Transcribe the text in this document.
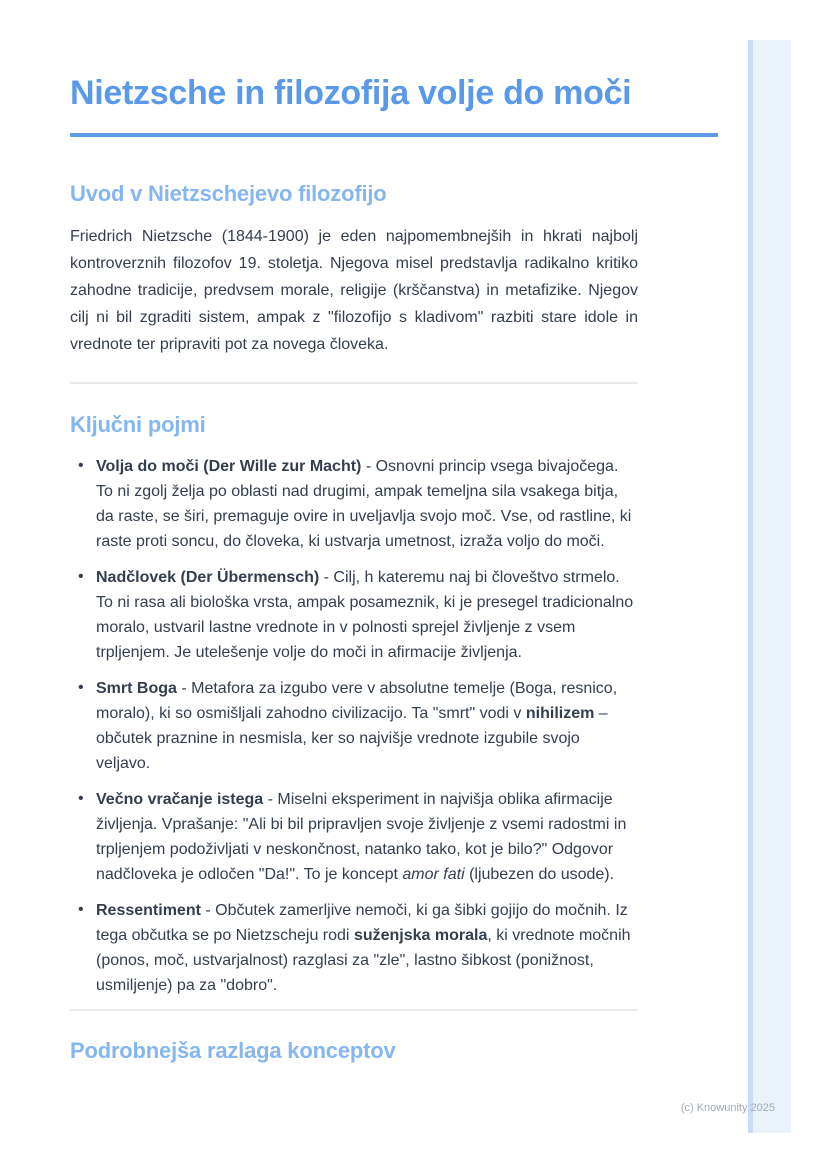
Nietzsche in filozofija volje do moči
Uvod v Nietzschejevo filozofijo

Friedrich Nietzsche (1844-1900) je eden najpomembnejših in hkrati najbolj kontroverznih filozofov 19. stoletja. Njegova misel predstavlja radikalno kritiko zahodne tradicije, predvsem morale, religije (krščanstva) in metafizike. Njegov cilj ni bil zgraditi sistem, ampak z "filozofijo s kladivom" razbiti stare idole in vrednote ter pripraviti pot za novega človeka.

Ključni pojmi
• Volja do moči (Der Wille zur Macht) - Osnovni princip vsega bivajočega. To ni zgolj želja po oblasti nad drugimi, ampak temeljna sila vsakega bitja, da raste, se širi, premaguje ovire in uveljavlja svojo moč. Vse, od rastline, ki raste proti soncu, do človeka, ki ustvarja umetnost, izraža voljo do moči.
• Nadčlovek (Der Übermensch) - Cilj, h kateremu naj bi človeštvo strmelo. To ni rasa ali biološka vrsta, ampak posameznik, ki je presegel tradicionalno moralo, ustvaril lastne vrednote in v polnosti sprejel življenje z vsem trpljenjem. Je utelešenje volje do moči in afirmacije življenja.
• Smrt Boga - Metafora za izgubo vere v absolutne temelje (Boga, resnico, moralo), ki so osmišljali zahodno civilizacijo. Ta "smrt" vodi v nihilizem – občutek praznine in nesmisla, ker so najvišje vrednote izgubile svojo veljavo.
• Večno vračanje istega - Miselni eksperiment in najvišja oblika afirmacije življenja. Vprašanje: "Ali bi bil pripravljen svoje življenje z vsemi radostmi in trpljenjem podoživljati v neskončnost, natanko tako, kot je bilo?" Odgovor nadčloveka je odločen "Da!". To je koncept amor fati (ljubezen do usode).
• Ressentiment - Občutek zamerljive nemoči, ki ga šibki gojijo do močnih. Iz tega občutka se po Nietzscheju rodi suženjska morala, ki vrednote močnih (ponos, moč, ustvarjalnost) razglasi za "zle", lastno šibkost (ponižnost, usmiljenje) pa za "dobro".
Podrobnejša razlaga konceptov
(c) Knowunity 2025
